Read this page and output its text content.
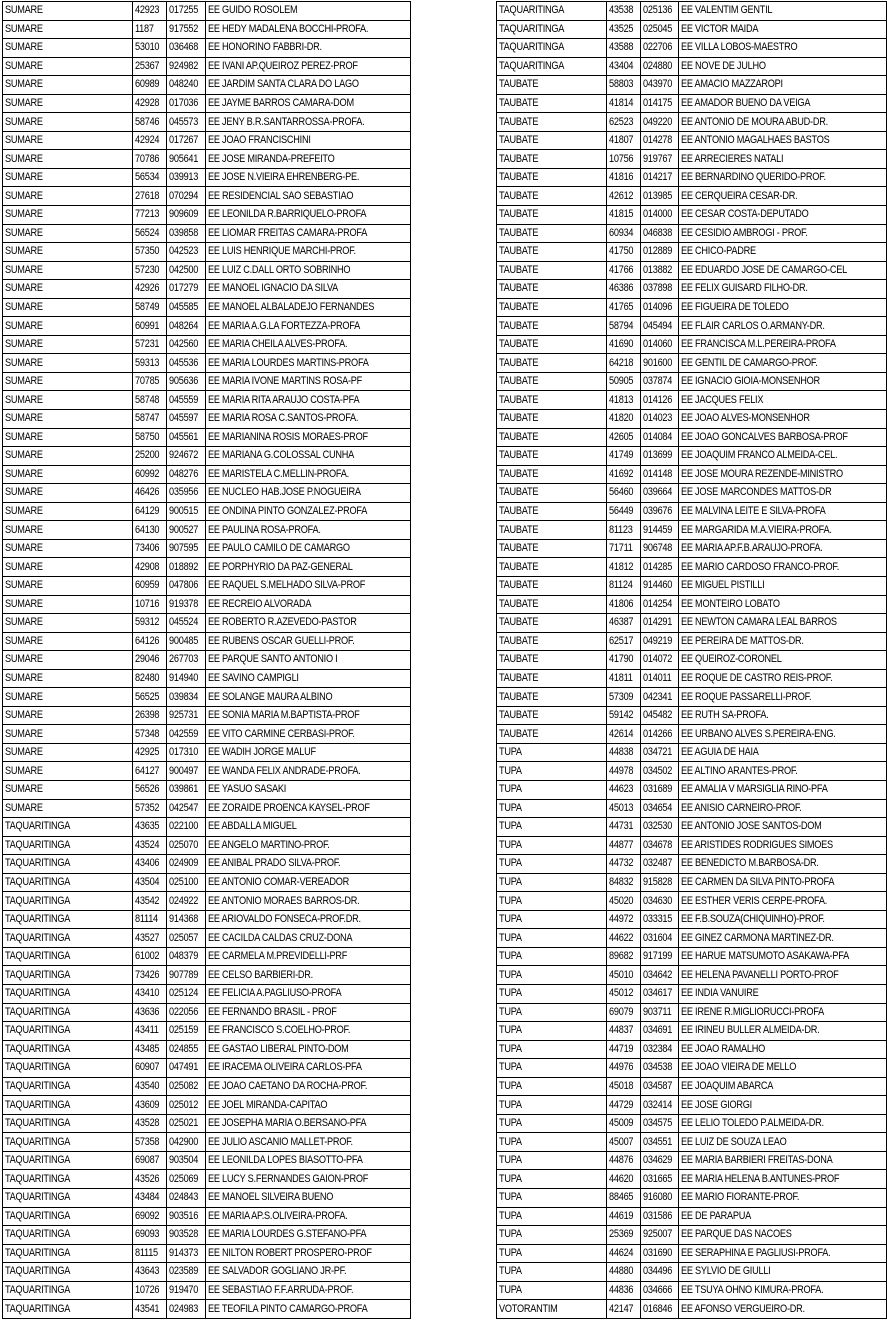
SUMARE	42923	017255	EE GUIDO ROSOLEM
SUMARE	1187	917552	EE HEDY MADALENA BOCCHI-PROFA.
SUMARE	53010	036468	EE HONORINO FABBRI-DR.
SUMARE	25367	924982	EE IVANI AP.QUEIROZ PEREZ-PROF
SUMARE	60989	048240	EE JARDIM SANTA CLARA DO LAGO
SUMARE	42928	017036	EE JAYME BARROS CAMARA-DOM
SUMARE	58746	045573	EE JENY B.R.SANTARROSSA-PROFA.
SUMARE	42924	017267	EE JOAO FRANCISCHINI
SUMARE	70786	905641	EE JOSE MIRANDA-PREFEITO
SUMARE	56534	039913	EE JOSE N.VIEIRA EHRENBERG-PE.
SUMARE	27618	070294	EE RESIDENCIAL SAO SEBASTIAO
SUMARE	77213	909609	EE LEONILDA R.BARRIQUELO-PROFA
SUMARE	56524	039858	EE LIOMAR FREITAS CAMARA-PROFA
SUMARE	57350	042523	EE LUIS HENRIQUE MARCHI-PROF.
SUMARE	57230	042500	EE LUIZ C.DALL ORTO SOBRINHO
SUMARE	42926	017279	EE MANOEL IGNACIO DA SILVA
SUMARE	58749	045585	EE MANOEL ALBALADEJO FERNANDES
SUMARE	60991	048264	EE MARIA A.G.LA FORTEZZA-PROFA
SUMARE	57231	042560	EE MARIA CHEILA ALVES-PROFA.
SUMARE	59313	045536	EE MARIA LOURDES MARTINS-PROFA
SUMARE	70785	905636	EE MARIA IVONE MARTINS ROSA-PF
SUMARE	58748	045559	EE MARIA RITA ARAUJO COSTA-PFA
SUMARE	58747	045597	EE MARIA ROSA C.SANTOS-PROFA.
SUMARE	58750	045561	EE MARIANINA ROSIS MORAES-PROF
SUMARE	25200	924672	EE MARIANA G.COLOSSAL CUNHA
SUMARE	60992	048276	EE MARISTELA C.MELLIN-PROFA.
SUMARE	46426	035956	EE NUCLEO HAB.JOSE P.NOGUEIRA
SUMARE	64129	900515	EE ONDINA PINTO GONZALEZ-PROFA
SUMARE	64130	900527	EE PAULINA ROSA-PROFA.
SUMARE	73406	907595	EE PAULO CAMILO DE CAMARGO
SUMARE	42908	018892	EE PORPHYRIO DA PAZ-GENERAL
SUMARE	60959	047806	EE RAQUEL S.MELHADO SILVA-PROF
SUMARE	10716	919378	EE RECREIO ALVORADA
SUMARE	59312	045524	EE ROBERTO R.AZEVEDO-PASTOR
SUMARE	64126	900485	EE RUBENS OSCAR GUELLI-PROF.
SUMARE	29046	267703	EE PARQUE SANTO ANTONIO I
SUMARE	82480	914940	EE SAVINO CAMPIGLI
SUMARE	56525	039834	EE SOLANGE MAURA ALBINO
SUMARE	26398	925731	EE SONIA MARIA M.BAPTISTA-PROF
SUMARE	57348	042559	EE VITO CARMINE CERBASI-PROF.
SUMARE	42925	017310	EE WADIH JORGE MALUF
SUMARE	64127	900497	EE WANDA FELIX ANDRADE-PROFA.
SUMARE	56526	039861	EE YASUO SASAKI
SUMARE	57352	042547	EE ZORAIDE PROENCA KAYSEL-PROF
TAQUARITINGA	43635	022100	EE ABDALLA MIGUEL
TAQUARITINGA	43524	025070	EE ANGELO MARTINO-PROF.
TAQUARITINGA	43406	024909	EE ANIBAL PRADO SILVA-PROF.
TAQUARITINGA	43504	025100	EE ANTONIO COMAR-VEREADOR
TAQUARITINGA	43542	024922	EE ANTONIO MORAES BARROS-DR.
TAQUARITINGA	81114	914368	EE ARIOVALDO FONSECA-PROF.DR.
TAQUARITINGA	43527	025057	EE CACILDA CALDAS CRUZ-DONA
TAQUARITINGA	61002	048379	EE CARMELA M.PREVIDELLI-PRF
TAQUARITINGA	73426	907789	EE CELSO BARBIERI-DR.
TAQUARITINGA	43410	025124	EE FELICIA A.PAGLIUSO-PROFA
TAQUARITINGA	43636	022056	EE FERNANDO BRASIL - PROF
TAQUARITINGA	43411	025159	EE FRANCISCO S.COELHO-PROF.
TAQUARITINGA	43485	024855	EE GASTAO LIBERAL PINTO-DOM
TAQUARITINGA	60907	047491	EE IRACEMA OLIVEIRA CARLOS-PFA
TAQUARITINGA	43540	025082	EE JOAO CAETANO DA ROCHA-PROF.
TAQUARITINGA	43609	025012	EE JOEL MIRANDA-CAPITAO
TAQUARITINGA	43528	025021	EE JOSEPHA MARIA O.BERSANO-PFA
TAQUARITINGA	57358	042900	EE JULIO ASCANIO MALLET-PROF.
TAQUARITINGA	69087	903504	EE LEONILDA LOPES BIASOTTO-PFA
TAQUARITINGA	43526	025069	EE LUCY S.FERNANDES GAION-PROF
TAQUARITINGA	43484	024843	EE MANOEL SILVEIRA BUENO
TAQUARITINGA	69092	903516	EE MARIA AP.S.OLIVEIRA-PROFA.
TAQUARITINGA	69093	903528	EE MARIA LOURDES G.STEFANO-PFA
TAQUARITINGA	81115	914373	EE NILTON ROBERT PROSPERO-PROF
TAQUARITINGA	43643	023589	EE SALVADOR GOGLIANO JR-PF.
TAQUARITINGA	10726	919470	EE SEBASTIAO F.F.ARRUDA-PROF.
TAQUARITINGA	43541	024983	EE TEOFILA PINTO CAMARGO-PROFA
TAQUARITINGA	43538	025136	EE VALENTIM GENTIL
TAQUARITINGA	43525	025045	EE VICTOR MAIDA
TAQUARITINGA	43588	022706	EE VILLA LOBOS-MAESTRO
TAQUARITINGA	43404	024880	EE NOVE DE JULHO
TAUBATE	58803	043970	EE AMACIO MAZZAROPI
TAUBATE	41814	014175	EE AMADOR BUENO DA VEIGA
TAUBATE	62523	049220	EE ANTONIO DE MOURA ABUD-DR.
TAUBATE	41807	014278	EE ANTONIO MAGALHAES BASTOS
TAUBATE	10756	919767	EE ARRECIERES NATALI
TAUBATE	41816	014217	EE BERNARDINO QUERIDO-PROF.
TAUBATE	42612	013985	EE CERQUEIRA CESAR-DR.
TAUBATE	41815	014000	EE CESAR COSTA-DEPUTADO
TAUBATE	60934	046838	EE CESIDIO AMBROGI - PROF.
TAUBATE	41750	012889	EE CHICO-PADRE
TAUBATE	41766	013882	EE EDUARDO JOSE DE CAMARGO-CEL
TAUBATE	46386	037898	EE FELIX GUISARD FILHO-DR.
TAUBATE	41765	014096	EE FIGUEIRA DE TOLEDO
TAUBATE	58794	045494	EE FLAIR CARLOS O.ARMANY-DR.
TAUBATE	41690	014060	EE FRANCISCA M.L.PEREIRA-PROFA
TAUBATE	64218	901600	EE GENTIL DE CAMARGO-PROF.
TAUBATE	50905	037874	EE IGNACIO GIOIA-MONSENHOR
TAUBATE	41813	014126	EE JACQUES FELIX
TAUBATE	41820	014023	EE JOAO ALVES-MONSENHOR
TAUBATE	42605	014084	EE JOAO GONCALVES BARBOSA-PROF
TAUBATE	41749	013699	EE JOAQUIM FRANCO ALMEIDA-CEL.
TAUBATE	41692	014148	EE JOSE MOURA REZENDE-MINISTRO
TAUBATE	56460	039664	EE JOSE MARCONDES MATTOS-DR
TAUBATE	56449	039676	EE MALVINA LEITE E SILVA-PROFA
TAUBATE	81123	914459	EE MARGARIDA M.A.VIEIRA-PROFA.
TAUBATE	71711	906748	EE MARIA AP.F.B.ARAUJO-PROFA.
TAUBATE	41812	014285	EE MARIO CARDOSO FRANCO-PROF.
TAUBATE	81124	914460	EE MIGUEL PISTILLI
TAUBATE	41806	014254	EE MONTEIRO LOBATO
TAUBATE	46387	014291	EE NEWTON CAMARA LEAL BARROS
TAUBATE	62517	049219	EE PEREIRA DE MATTOS-DR.
TAUBATE	41790	014072	EE QUEIROZ-CORONEL
TAUBATE	41811	014011	EE ROQUE DE CASTRO REIS-PROF.
TAUBATE	57309	042341	EE ROQUE PASSARELLI-PROF.
TAUBATE	59142	045482	EE RUTH SA-PROFA.
TAUBATE	42614	014266	EE URBANO ALVES S.PEREIRA-ENG.
TUPA	44838	034721	EE AGUIA DE HAIA
TUPA	44978	034502	EE ALTINO ARANTES-PROF.
TUPA	44623	031689	EE AMALIA V MARSIGLIA RINO-PFA
TUPA	45013	034654	EE ANISIO CARNEIRO-PROF.
TUPA	44731	032530	EE ANTONIO JOSE SANTOS-DOM
TUPA	44877	034678	EE ARISTIDES RODRIGUES SIMOES
TUPA	44732	032487	EE BENEDICTO M.BARBOSA-DR.
TUPA	84832	915828	EE CARMEN DA SILVA PINTO-PROFA
TUPA	45020	034630	EE ESTHER VERIS CERPE-PROFA.
TUPA	44972	033315	EE F.B.SOUZA(CHIQUINHO)-PROF.
TUPA	44622	031604	EE GINEZ CARMONA MARTINEZ-DR.
TUPA	89682	917199	EE HARUE MATSUMOTO ASAKAWA-PFA
TUPA	45010	034642	EE HELENA PAVANELLI PORTO-PROF
TUPA	45012	034617	EE INDIA VANUIRE
TUPA	69079	903711	EE IRENE R.MIGLIORUCCI-PROFA
TUPA	44837	034691	EE IRINEU BULLER ALMEIDA-DR.
TUPA	44719	032384	EE JOAO RAMALHO
TUPA	44976	034538	EE JOAO VIEIRA DE MELLO
TUPA	45018	034587	EE JOAQUIM ABARCA
TUPA	44729	032414	EE JOSE GIORGI
TUPA	45009	034575	EE LELIO TOLEDO P.ALMEIDA-DR.
TUPA	45007	034551	EE LUIZ DE SOUZA LEAO
TUPA	44876	034629	EE MARIA BARBIERI FREITAS-DONA
TUPA	44620	031665	EE MARIA HELENA B.ANTUNES-PROF
TUPA	88465	916080	EE MARIO FIORANTE-PROF.
TUPA	44619	031586	EE DE PARAPUA
TUPA	25369	925007	EE PARQUE DAS NACOES
TUPA	44624	031690	EE SERAPHINA E PAGLIUSI-PROFA.
TUPA	44880	034496	EE SYLVIO DE GIULLI
TUPA	44836	034666	EE TSUYA OHNO KIMURA-PROFA.
VOTORANTIM	42147	016846	EE AFONSO VERGUEIRO-DR.
